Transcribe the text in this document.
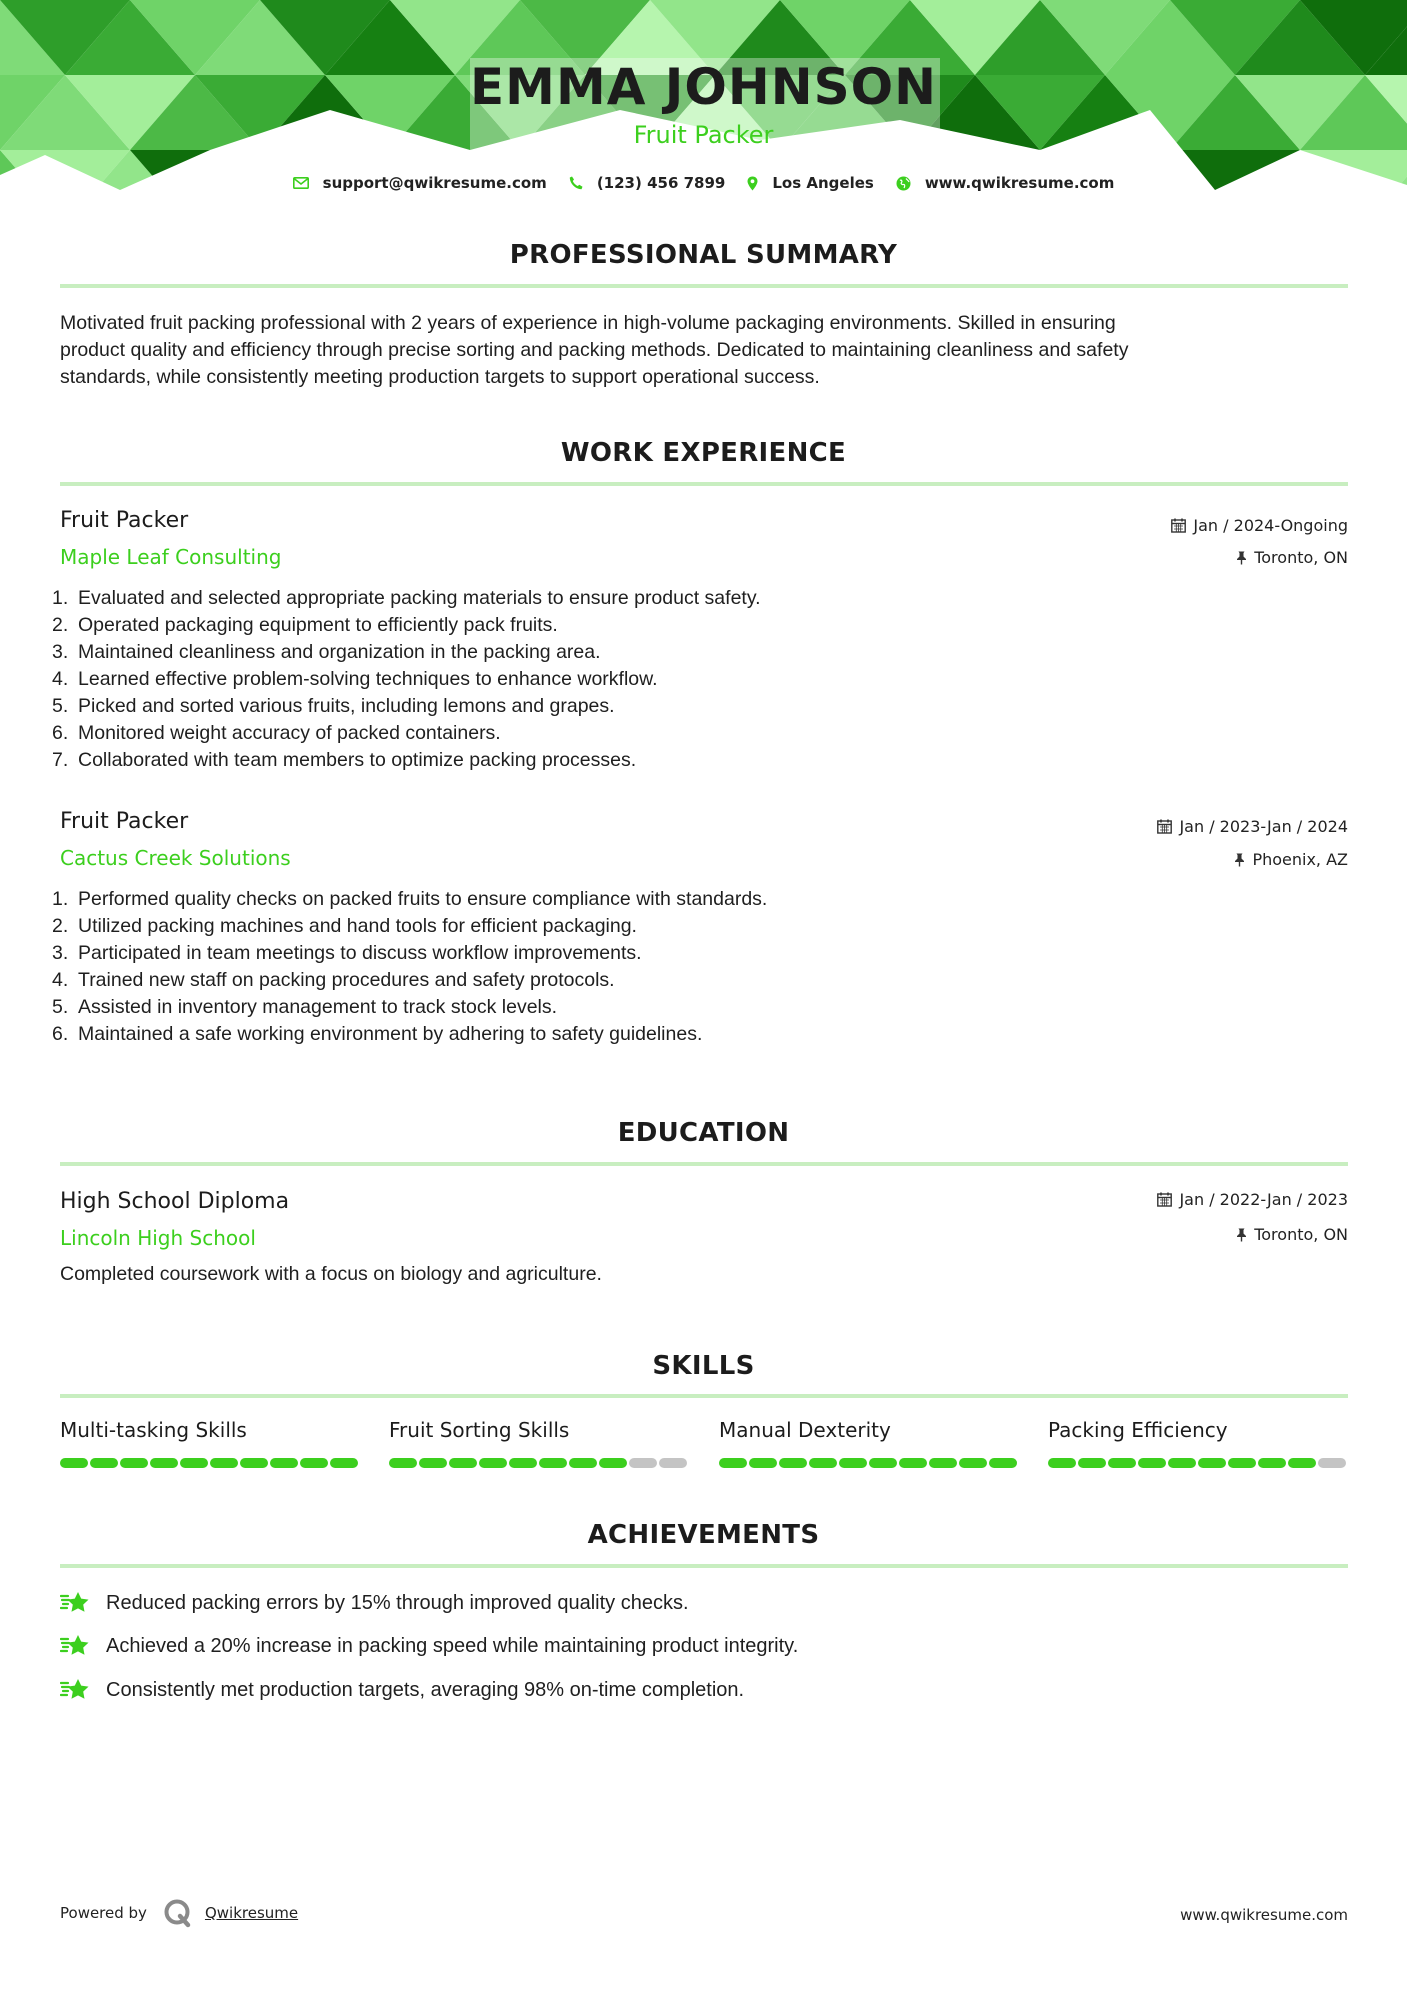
EMMA JOHNSON
Fruit Packer
support@qwikresume.com	(123) 456 7899	Los Angeles	www.qwikresume.com
PROFESSIONAL SUMMARY
Motivated fruit packing professional with 2 years of experience in high-volume packaging environments. Skilled in ensuring
product quality and efficiency through precise sorting and packing methods. Dedicated to maintaining cleanliness and safety
standards, while consistently meeting production targets to support operational success.
WORK EXPERIENCE
Fruit Packer
Maple Leaf Consulting
Jan / 2024-Ongoing
Toronto, ON
1. Evaluated and selected appropriate packing materials to ensure product safety.
2. Operated packaging equipment to efficiently pack fruits.
3. Maintained cleanliness and organization in the packing area.
4. Learned effective problem-solving techniques to enhance workflow.
5. Picked and sorted various fruits, including lemons and grapes.
6. Monitored weight accuracy of packed containers.
7. Collaborated with team members to optimize packing processes.
Fruit Packer
Cactus Creek Solutions
Jan / 2023-Jan / 2024
Phoenix, AZ
1. Performed quality checks on packed fruits to ensure compliance with standards.
2. Utilized packing machines and hand tools for efficient packaging.
3. Participated in team meetings to discuss workflow improvements.
4. Trained new staff on packing procedures and safety protocols.
5. Assisted in inventory management to track stock levels.
6. Maintained a safe working environment by adhering to safety guidelines.
EDUCATION
High School Diploma
Lincoln High School
Jan / 2022-Jan / 2023
Toronto, ON
Completed coursework with a focus on biology and agriculture.
SKILLS
Multi-tasking Skills	Fruit Sorting Skills	Manual Dexterity	Packing Efficiency
ACHIEVEMENTS
Reduced packing errors by 15% through improved quality checks.
Achieved a 20% increase in packing speed while maintaining product integrity.
Consistently met production targets, averaging 98% on-time completion.
Powered by	Qwikresume	www.qwikresume.com
